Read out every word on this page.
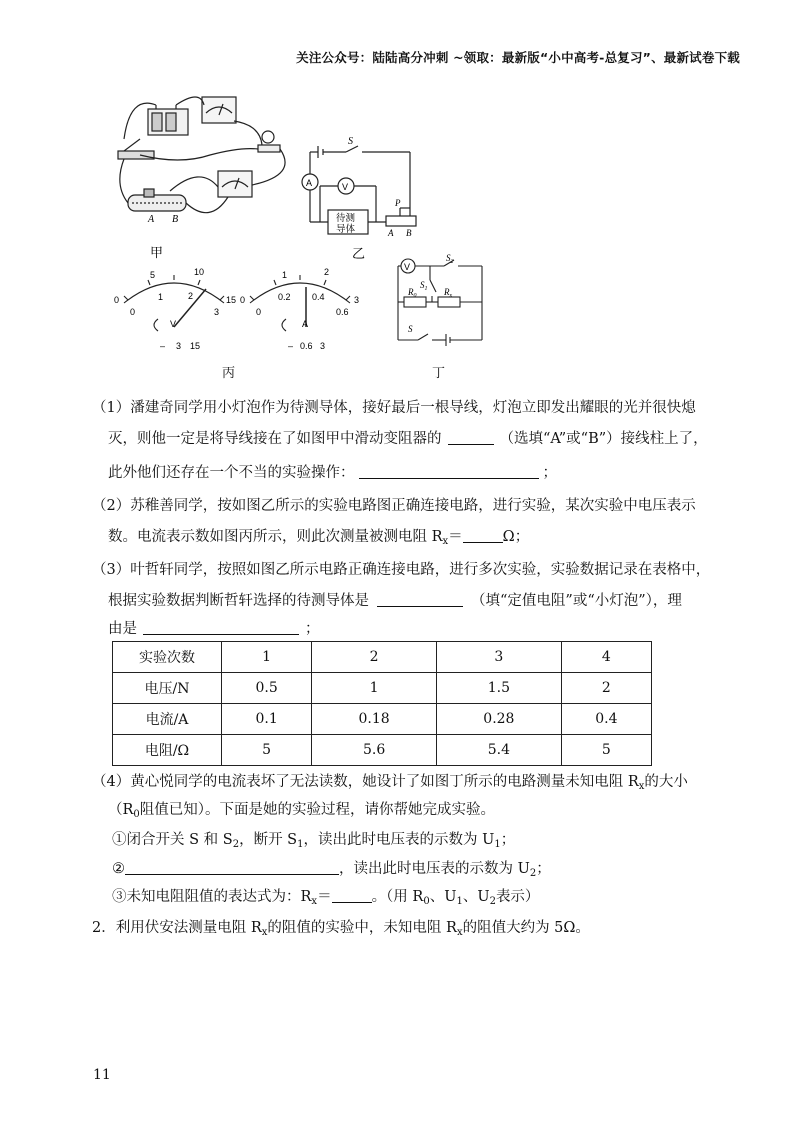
关注公众号：陆陆高分冲刺 ~领取：最新版“小中高考-总复习”、最新试卷下载
A B
甲
S
A	V
待测
导体
P
A B
乙
0
5	10
15
0
1	2
3
V
– 3 15
0
1	2
3
0
0.2 0.4
0.6
A
– 0.6 3
丙
V
$S_2$
$S_1$
$R_0$	$R_x$
S
丁
（1）潘建奇同学用小灯泡作为待测导体，接好最后一根导线，灯泡立即发出耀眼的光并很快熄
灭，则他一定是将导线接在了如图甲中滑动变阻器的	（选填“A”或“B”）接线柱上了，
此外他们还存在一个不当的实验操作：	；
（2）苏稚善同学，按如图乙所示的实验电路图正确连接电路，进行实验，某次实验中电压表示
数。电流表示数如图丙所示，则此次测量被测电阻 $R_x=$	Ω；
（3）叶哲轩同学，按照如图乙所示电路正确连接电路，进行多次实验，实验数据记录在表格中，
根据实验数据判断哲轩选择的待测导体是	（填“定值电阻”或“小灯泡”），理
由是	；
实验次数	1	2	3	4
电压/N	0.5	1	1.5	2
电流/A	0.1	0.18	0.28	0.4
电阻/Ω	5	5.6	5.4	5
（4）黄心悦同学的电流表坏了无法读数，她设计了如图丁所示的电路测量未知电阻 $R_x$的大小
（$R_0$阻值已知）。下面是她的实验过程，请你帮她完成实验。
①闭合开关 S 和 $S_2$，断开 $S_1$，读出此时电压表的示数为 $U_1$；
②	，读出此时电压表的示数为 $U_2$；
③未知电阻阻值的表达式为：$R_x=$	。（用 $R_0$、$U_1$、$U_2$表示）
2．利用伏安法测量电阻 $R_x$的阻值的实验中，未知电阻 $R_x$的阻值大约为 5Ω。
11
